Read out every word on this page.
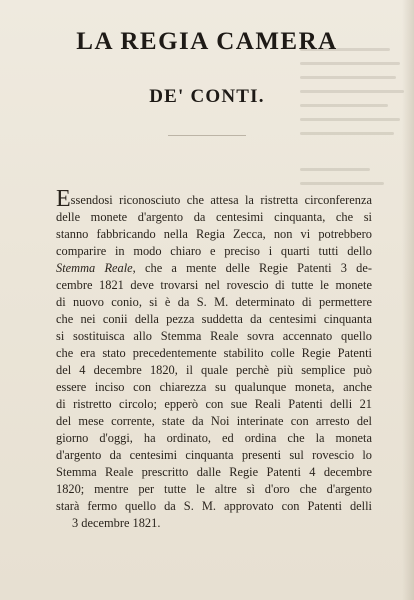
LA REGIA CAMERA
DE' CONTI.
Essendosi riconosciuto che attesa la ristretta circonferenza
delle monete d'argento da centesimi cinquanta, che si
stanno fabbricando nella Regia Zecca, non vi potrebbero
comparire in modo chiaro e preciso i quarti tutti dello
Stemma Reale, che a mente delle Regie Patenti 3 de-
cembre 1821 deve trovarsi nel rovescio di tutte le monete
di nuovo conio, si è da S. M. determinato di permettere
che nei conii della pezza suddetta da centesimi cinquanta
si sostituisca allo Stemma Reale sovra accennato quello
che era stato precedentemente stabilito colle Regie Patenti
del 4 decembre 1820, il quale perchè più semplice può
essere inciso con chiarezza su qualunque moneta, anche
di ristretto circolo; epperò con sue Reali Patenti delli 21
del mese corrente, state da Noi interinate con arresto del
giorno d'oggi, ha ordinato, ed ordina che la moneta
d'argento da centesimi cinquanta presenti sul rovescio lo
Stemma Reale prescritto dalle Regie Patenti 4 decembre
1820; mentre per tutte le altre sì d'oro che d'argento
starà fermo quello da S. M. approvato con Patenti delli
3 decembre 1821.
